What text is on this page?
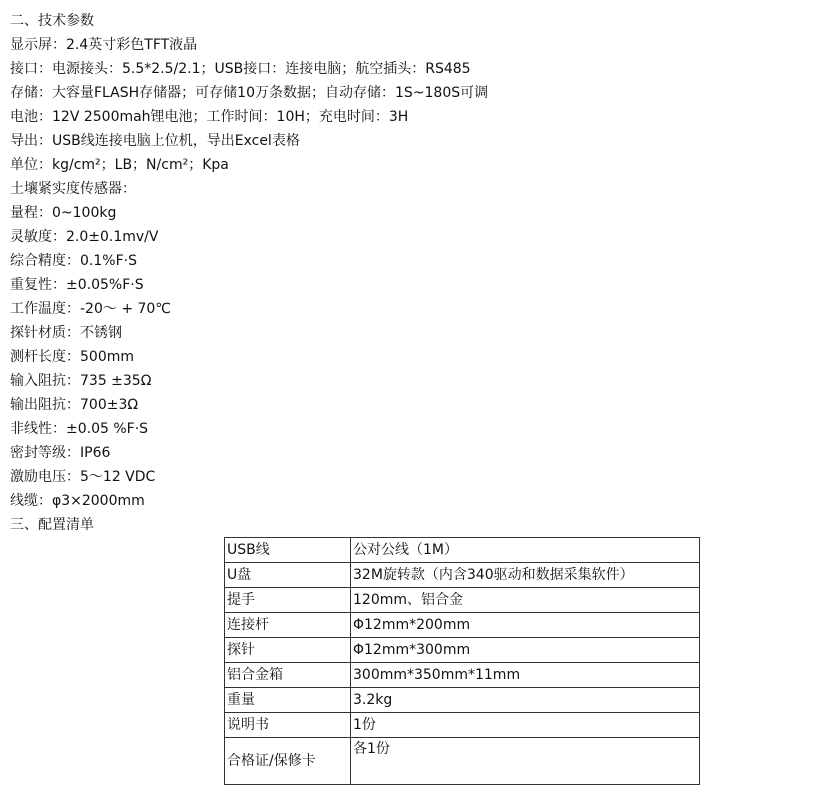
二、技术参数
显示屏：2.4英寸彩色TFT液晶
接口：电源接头：5.5*2.5/2.1；USB接口：连接电脑；航空插头：RS485
存储：大容量FLASH存储器；可存储10万条数据；自动存储：1S~180S可调
电池：12V 2500mah锂电池；工作时间：10H；充电时间：3H
导出：USB线连接电脑上位机，导出Excel表格
单位：kg/cm²；LB；N/cm²；Kpa
土壤紧实度传感器：
量程：0~100kg
灵敏度：2.0±0.1mv/V
综合精度：0.1%F·S
重复性：±0.05%F·S
工作温度：-20～ + 70℃
探针材质：不锈钢
测杆长度：500mm
输入阻抗：735 ±35Ω
输出阻抗：700±3Ω
非线性：±0.05 %F·S
密封等级：IP66
激励电压：5～12 VDC
线缆：φ3×2000mm
三、配置清单
USB线	公对公线（1M）
U盘	32M旋转款（内含340驱动和数据采集软件）
提手	120mm、铝合金
连接杆	Φ12mm*200mm
探针	Φ12mm*300mm
铝合金箱	300mm*350mm*11mm
重量	3.2kg
说明书	1份
合格证/保修卡	各1份
